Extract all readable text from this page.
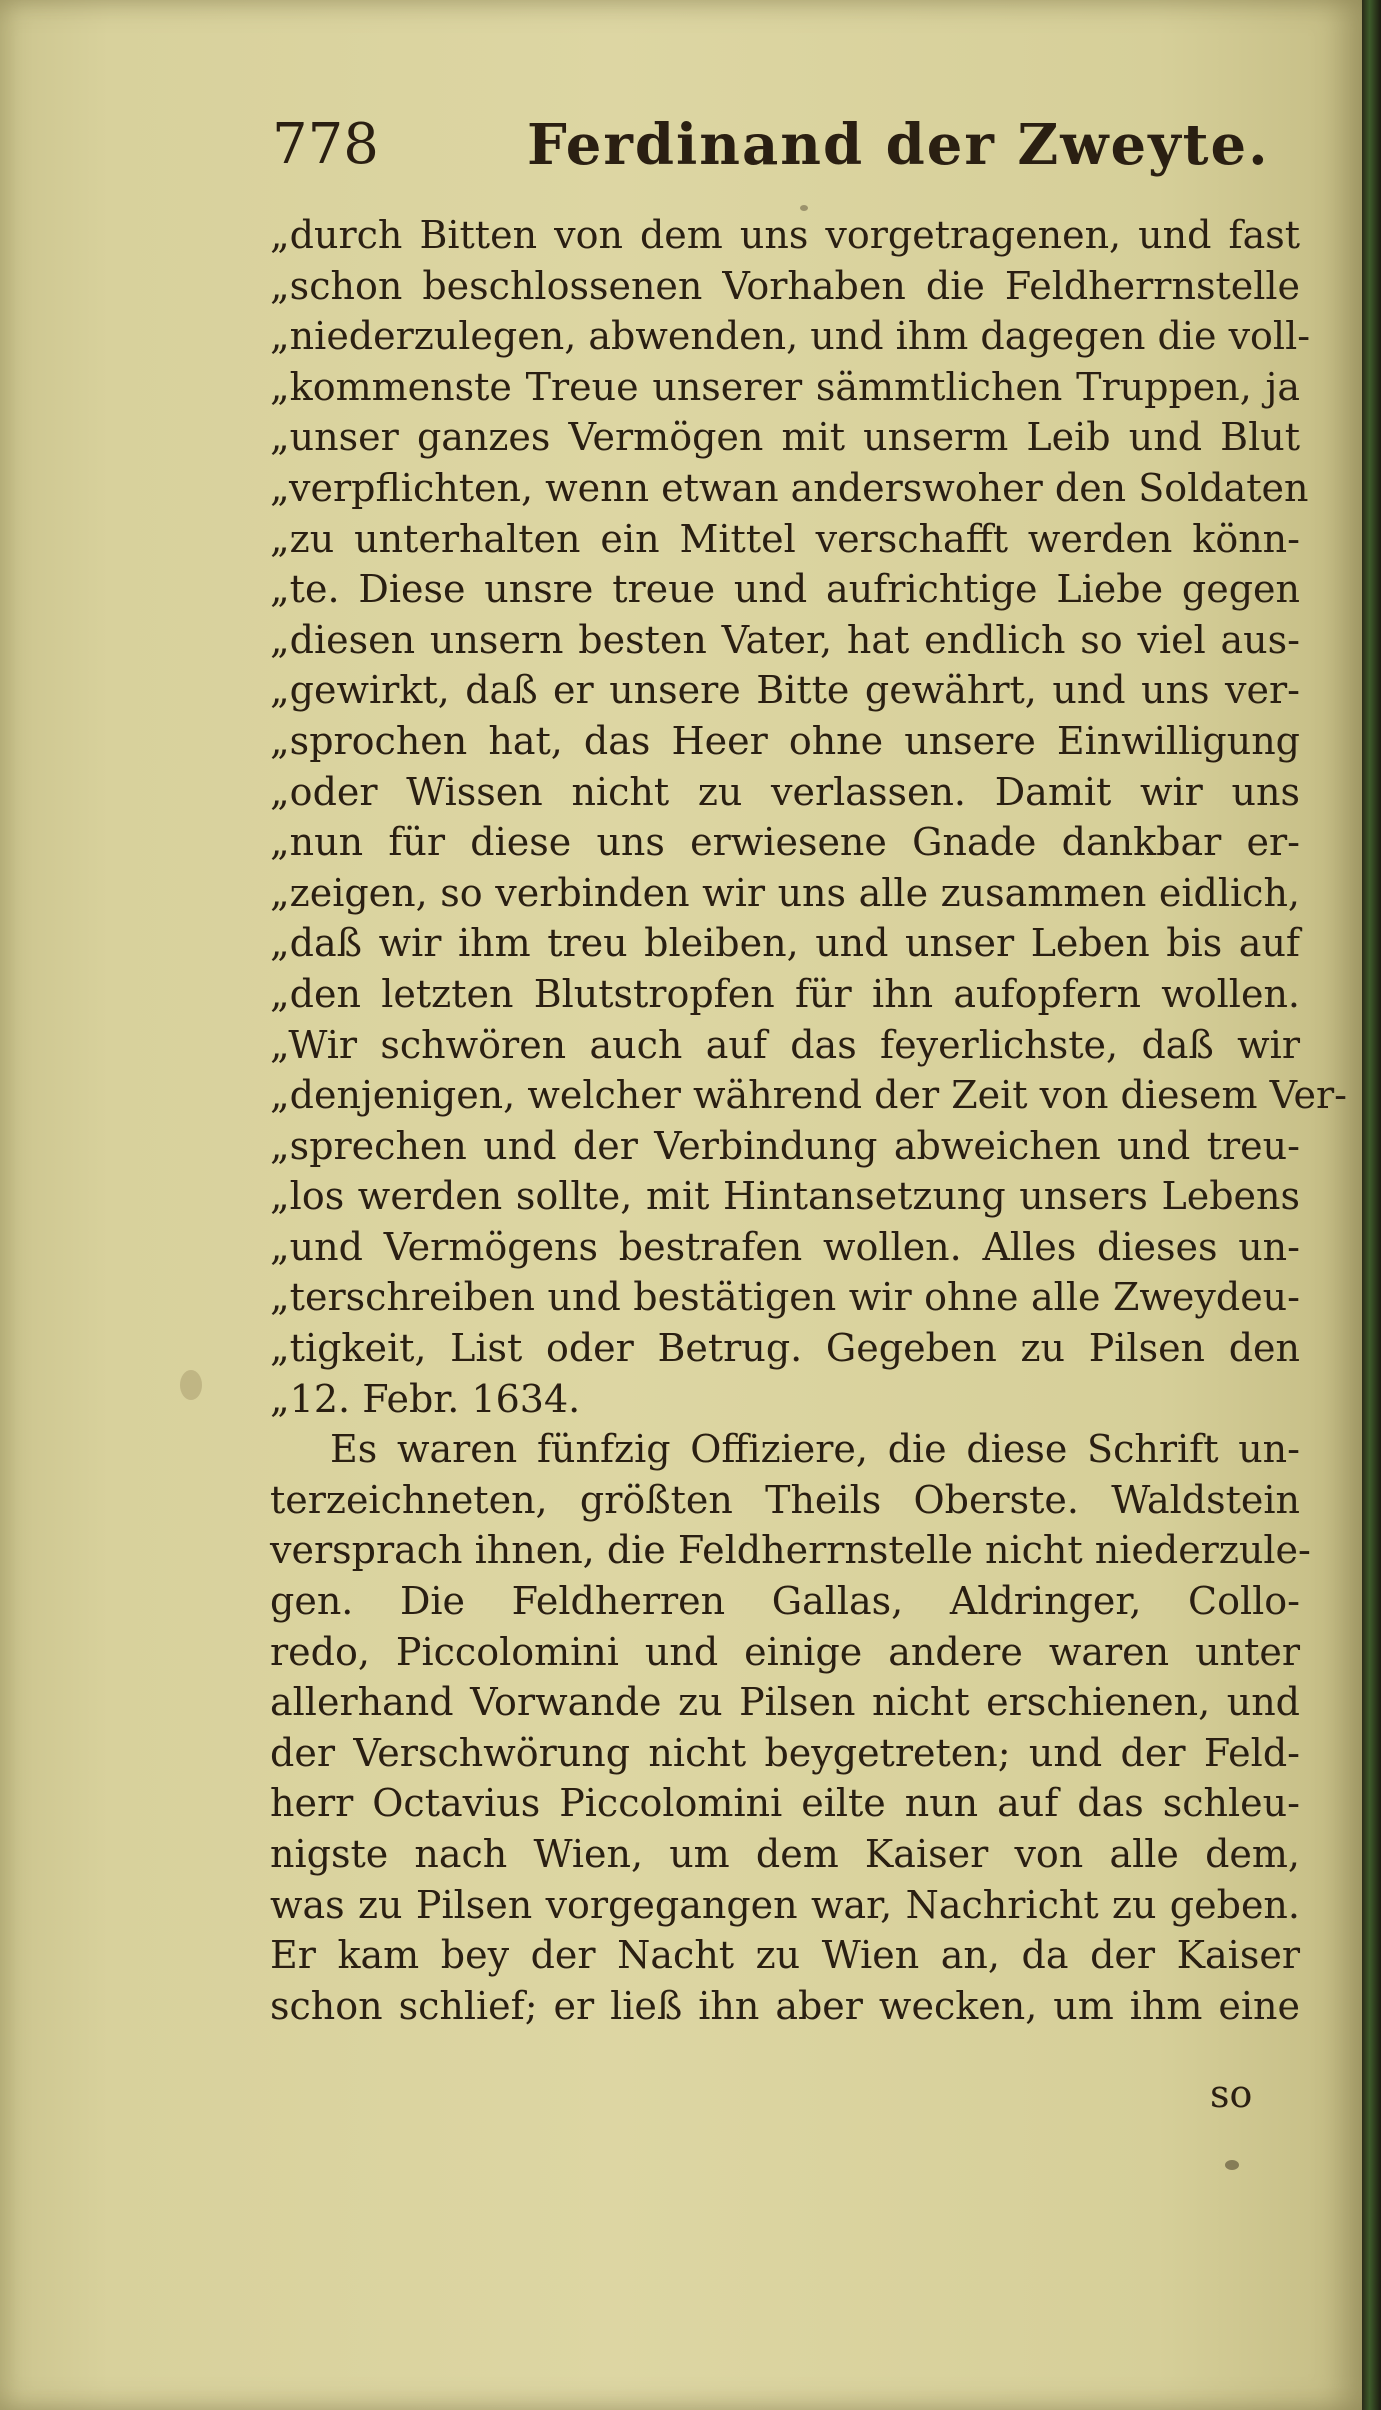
778	Ferdinand der Zweyte.
„durch Bitten von dem uns vorgetragenen, und fast
„schon beschlossenen Vorhaben die Feldherrnstelle
„niederzulegen, abwenden, und ihm dagegen die voll-
„kommenste Treue unserer sämmtlichen Truppen, ja
„unser ganzes Vermögen mit unserm Leib und Blut
„verpflichten, wenn etwan anderswoher den Soldaten
„zu unterhalten ein Mittel verschafft werden könn-
„te. Diese unsre treue und aufrichtige Liebe gegen
„diesen unsern besten Vater, hat endlich so viel aus-
„gewirkt, daß er unsere Bitte gewährt, und uns ver-
„sprochen hat, das Heer ohne unsere Einwilligung
„oder Wissen nicht zu verlassen. Damit wir uns
„nun für diese uns erwiesene Gnade dankbar er-
„zeigen, so verbinden wir uns alle zusammen eidlich,
„daß wir ihm treu bleiben, und unser Leben bis auf
„den letzten Blutstropfen für ihn aufopfern wollen.
„Wir schwören auch auf das feyerlichste, daß wir
„denjenigen, welcher während der Zeit von diesem Ver-
„sprechen und der Verbindung abweichen und treu-
„los werden sollte, mit Hintansetzung unsers Lebens
„und Vermögens bestrafen wollen. Alles dieses un-
„terschreiben und bestätigen wir ohne alle Zweydeu-
„tigkeit, List oder Betrug. Gegeben zu Pilsen den
„12. Febr. 1634.
Es waren fünfzig Offiziere, die diese Schrift un-
terzeichneten, größten Theils Oberste. Waldstein
versprach ihnen, die Feldherrnstelle nicht niederzule-
gen. Die Feldherren Gallas, Aldringer, Collo-
redo, Piccolomini und einige andere waren unter
allerhand Vorwande zu Pilsen nicht erschienen, und
der Verschwörung nicht beygetreten; und der Feld-
herr Octavius Piccolomini eilte nun auf das schleu-
nigste nach Wien, um dem Kaiser von alle dem,
was zu Pilsen vorgegangen war, Nachricht zu geben.
Er kam bey der Nacht zu Wien an, da der Kaiser
schon schlief; er ließ ihn aber wecken, um ihm eine
so
